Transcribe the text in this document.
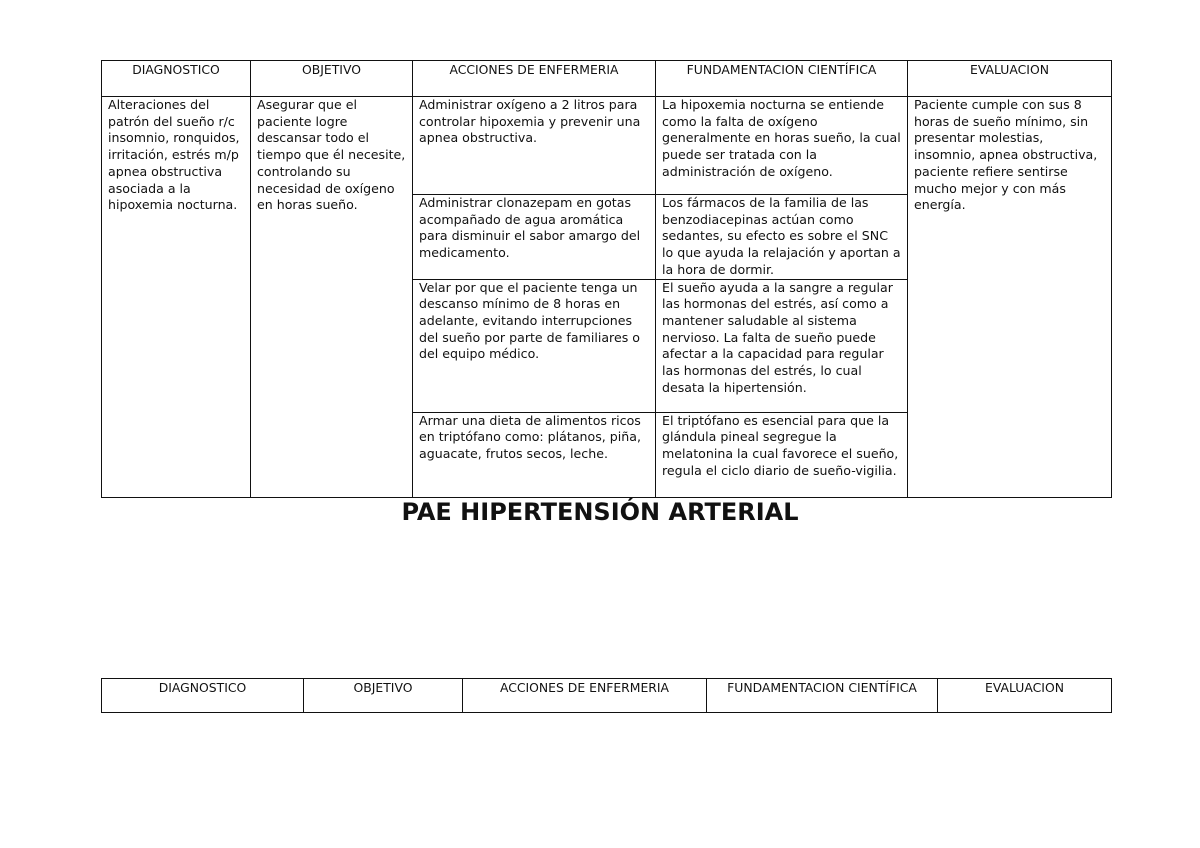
DIAGNOSTICO	OBJETIVO	ACCIONES DE ENFERMERIA	FUNDAMENTACION CIENTÍFICA	EVALUACION
Alteraciones del patrón del sueño r/c insomnio, ronquidos, irritación, estrés m/p apnea obstructiva asociada a la hipoxemia nocturna.	Asegurar que el paciente logre descansar todo el tiempo que él necesite, controlando su necesidad de oxígeno en horas sueño.	Administrar oxígeno a 2 litros para controlar hipoxemia y prevenir una apnea obstructiva.	La hipoxemia nocturna se entiende como la falta de oxígeno generalmente en horas sueño, la cual puede ser tratada con la administración de oxígeno.	Paciente cumple con sus 8 horas de sueño mínimo, sin presentar molestias, insomnio, apnea obstructiva, paciente refiere sentirse mucho mejor y con más energía.
		Administrar clonazepam en gotas acompañado de agua aromática para disminuir el sabor amargo del medicamento.	Los fármacos de la familia de las benzodiacepinas actúan como sedantes, su efecto es sobre el SNC lo que ayuda la relajación y aportan a la hora de dormir.	
		Velar por que el paciente tenga un descanso mínimo de 8 horas en adelante, evitando interrupciones del sueño por parte de familiares o del equipo médico.	El sueño ayuda a la sangre a regular las hormonas del estrés, así como a mantener saludable al sistema nervioso. La falta de sueño puede afectar a la capacidad para regular las hormonas del estrés, lo cual desata la hipertensión.	
		Armar una dieta de alimentos ricos en triptófano como: plátanos, piña, aguacate, frutos secos, leche.	El triptófano es esencial para que la glándula pineal segregue la melatonina la cual favorece el sueño, regula el ciclo diario de sueño-vigilia.	
PAE HIPERTENSIÓN ARTERIAL
DIAGNOSTICO	OBJETIVO	ACCIONES DE ENFERMERIA	FUNDAMENTACION CIENTÍFICA	EVALUACION
